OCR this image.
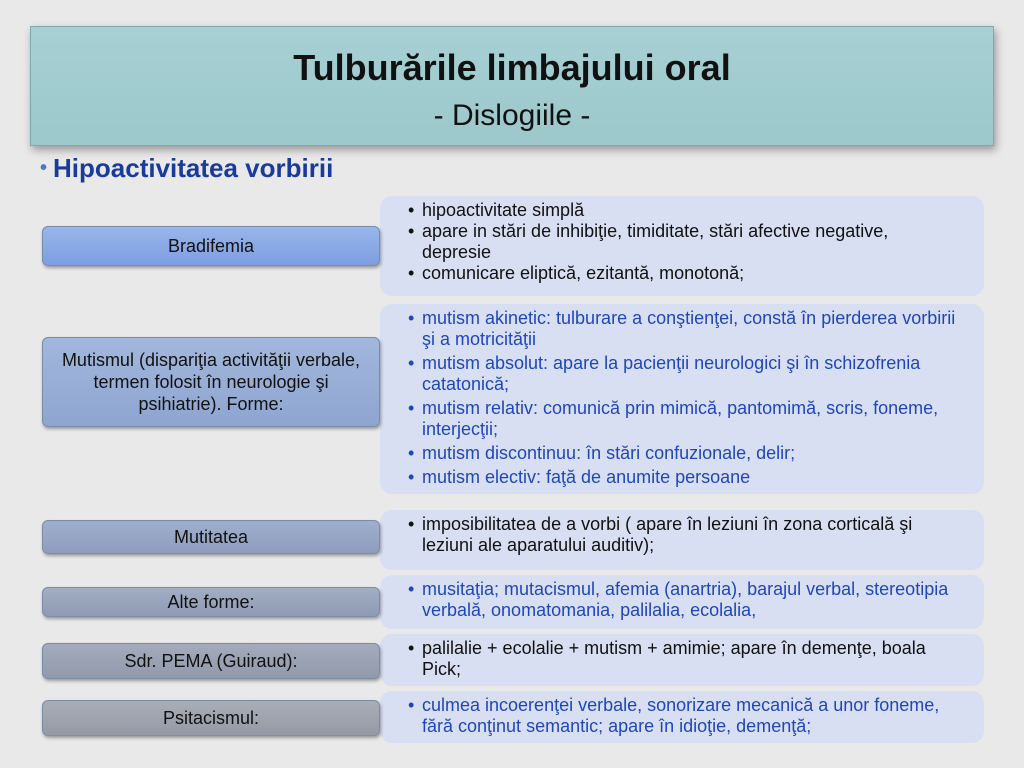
Tulburările limbajului oral
- Dislogiile -
• Hipoactivitatea vorbirii
• hipoactivitate simplă
• apare in stări de inhibiţie, timiditate, stări afective negative, depresie
• comunicare eliptică, ezitantă, monotonă;
Bradifemia
• mutism akinetic: tulburare a conştienţei, constă în pierderea vorbirii şi a motricităţii
• mutism absolut: apare la pacienţii neurologici şi în schizofrenia catatonică;
• mutism relativ: comunică prin mimică, pantomimă, scris, foneme, interjecţii;
• mutism discontinuu: în stări confuzionale, delir;
• mutism electiv: faţă de anumite persoane
Mutismul (dispariţia activităţii verbale, termen folosit în neurologie şi psihiatrie). Forme:
• imposibilitatea de a vorbi ( apare în leziuni în zona corticală şi leziuni ale aparatului auditiv);
Mutitatea
• musitaţia; mutacismul, afemia (anartria), barajul verbal, stereotipia verbală, onomatomania, palilalia, ecolalia,
Alte forme:
• palilalie + ecolalie + mutism + amimie; apare în demenţe, boala Pick;
Sdr. PEMA (Guiraud):
• culmea incoerenţei verbale, sonorizare mecanică a unor foneme, fără conţinut semantic; apare în idioţie, demenţă;
Psitacismul:
